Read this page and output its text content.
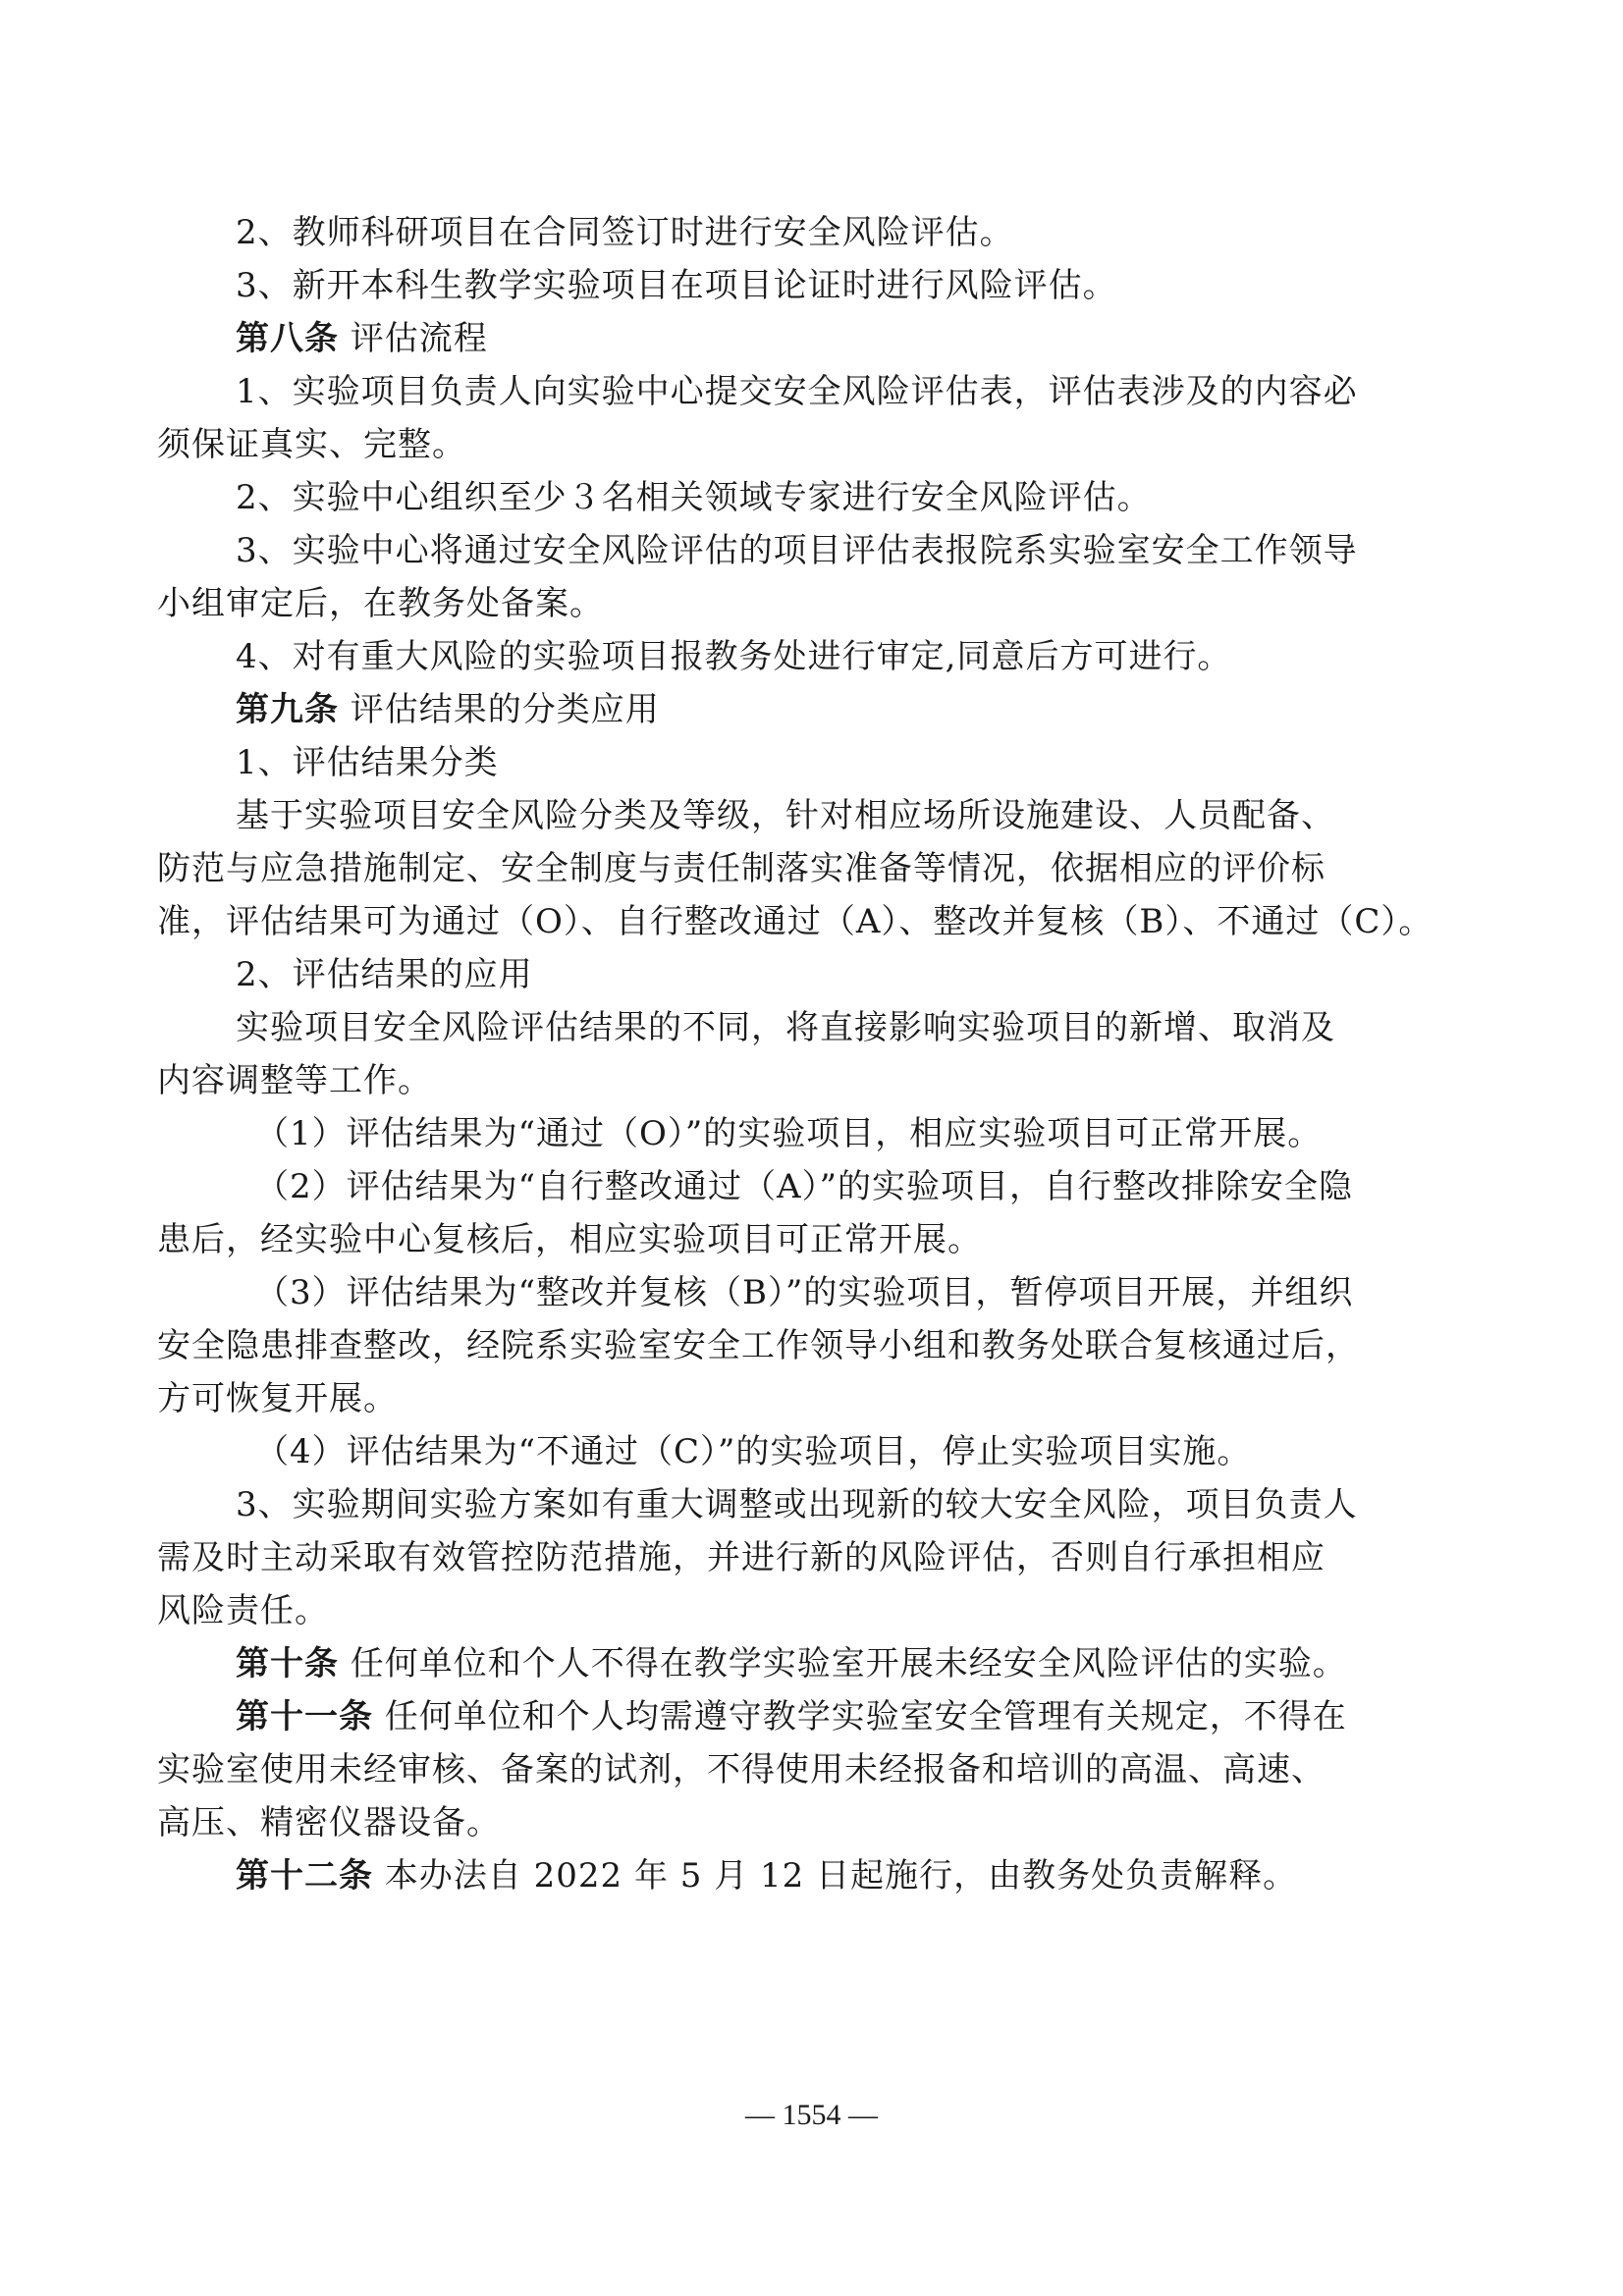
2、教师科研项目在合同签订时进行安全风险评估。
3、新开本科生教学实验项目在项目论证时进行风险评估。
第八条 评估流程
1、实验项目负责人向实验中心提交安全风险评估表，评估表涉及的内容必
须保证真实、完整。
2、实验中心组织至少３名相关领域专家进行安全风险评估。
3、实验中心将通过安全风险评估的项目评估表报院系实验室安全工作领导
小组审定后，在教务处备案。
4、对有重大风险的实验项目报教务处进行审定,同意后方可进行。
第九条 评估结果的分类应用
1、评估结果分类
基于实验项目安全风险分类及等级，针对相应场所设施建设、人员配备、
防范与应急措施制定、安全制度与责任制落实准备等情况，依据相应的评价标
准，评估结果可为通过（O）、自行整改通过（A）、整改并复核（B）、不通过（C）。
2、评估结果的应用
实验项目安全风险评估结果的不同，将直接影响实验项目的新增、取消及
内容调整等工作。
（1）评估结果为“通过（O）”的实验项目，相应实验项目可正常开展。
（2）评估结果为“自行整改通过（A）”的实验项目，自行整改排除安全隐
患后，经实验中心复核后，相应实验项目可正常开展。
（3）评估结果为“整改并复核（B）”的实验项目，暂停项目开展，并组织
安全隐患排查整改，经院系实验室安全工作领导小组和教务处联合复核通过后，
方可恢复开展。
（4）评估结果为“不通过（C）”的实验项目，停止实验项目实施。
3、实验期间实验方案如有重大调整或出现新的较大安全风险，项目负责人
需及时主动采取有效管控防范措施，并进行新的风险评估，否则自行承担相应
风险责任。
第十条 任何单位和个人不得在教学实验室开展未经安全风险评估的实验。
第十一条 任何单位和个人均需遵守教学实验室安全管理有关规定，不得在
实验室使用未经审核、备案的试剂，不得使用未经报备和培训的高温、高速、
高压、精密仪器设备。
第十二条 本办法自 2022 年 5 月 12 日起施行，由教务处负责解释。
— 1554 —
